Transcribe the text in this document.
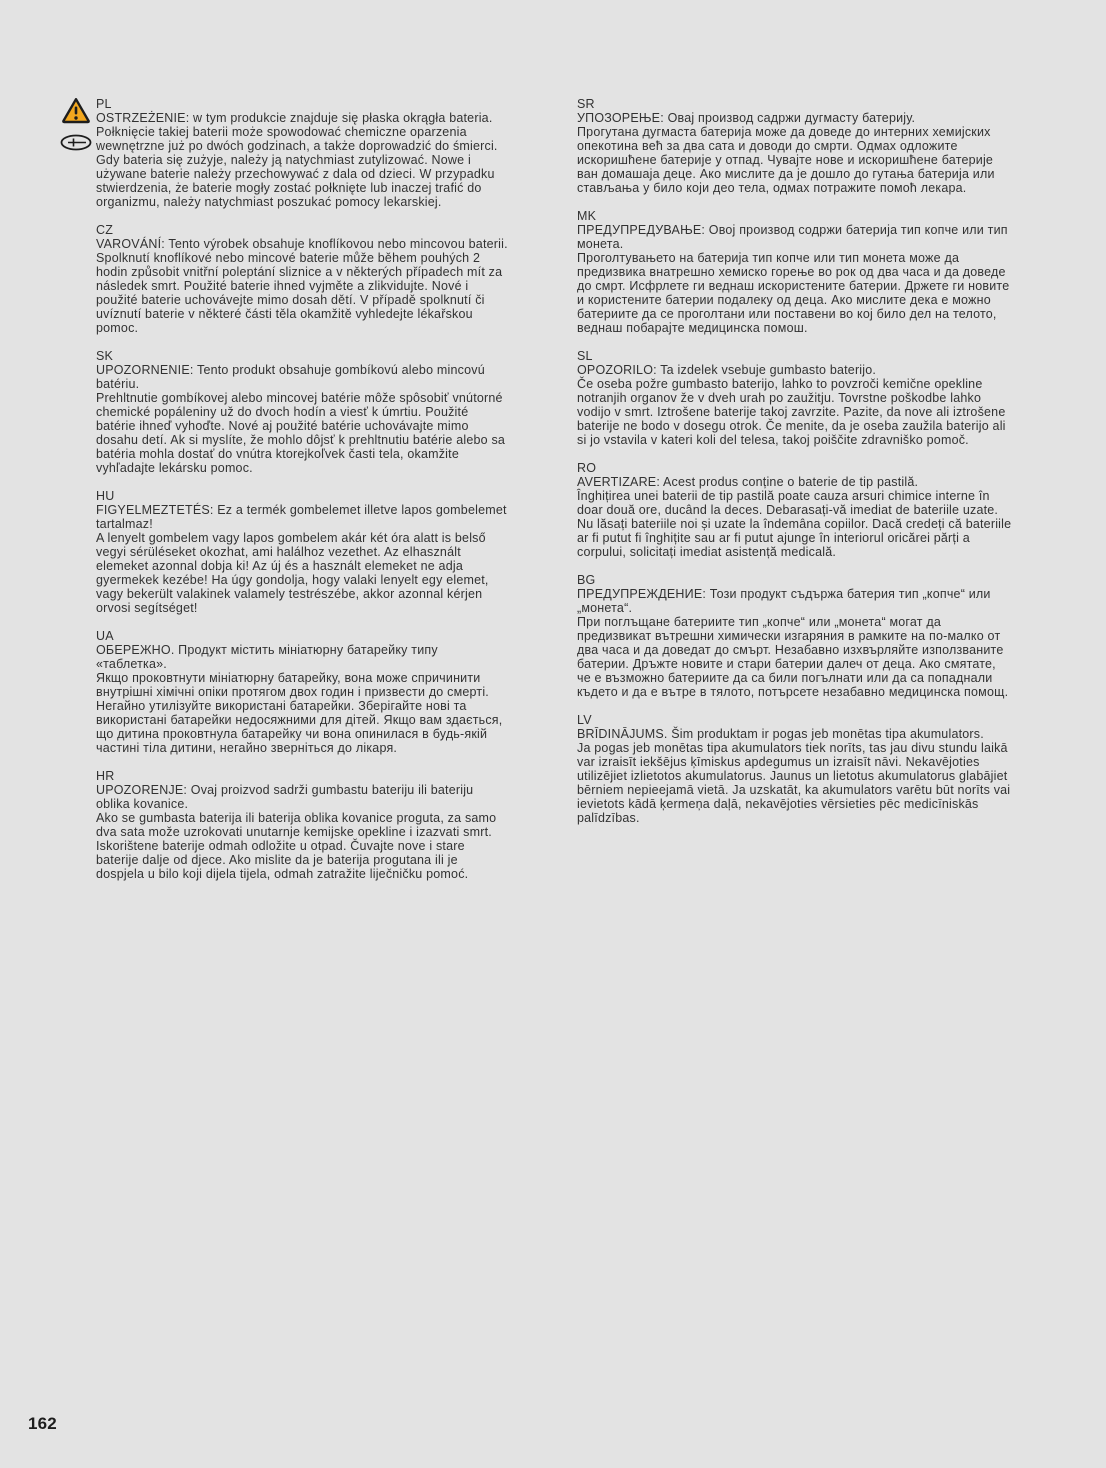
PL

OSTRZEŻENIE: w tym produkcie znajduje się płaska okrągła bateria.

Połknięcie takiej baterii może spowodować chemiczne oparzenia wewnętrzne już po dwóch godzinach, a także doprowadzić do śmierci. Gdy bateria się zużyje, należy ją natychmiast zutylizować. Nowe i używane baterie należy przechowywać z dala od dzieci. W przypadku stwierdzenia, że baterie mogły zostać połknięte lub inaczej trafić do organizmu, należy natychmiast poszukać pomocy lekarskiej.

CZ

VAROVÁNÍ: Tento výrobek obsahuje knoflíkovou nebo mincovou baterii.

Spolknutí knoflíkové nebo mincové baterie může během pouhých 2 hodin způsobit vnitřní poleptání sliznice a v některých případech mít za následek smrt. Použité baterie ihned vyjměte a zlikvidujte. Nové i použité baterie uchovávejte mimo dosah dětí. V případě spolknutí či uvíznutí baterie v některé části těla okamžitě vyhledejte lékařskou pomoc.

SK

UPOZORNENIE: Tento produkt obsahuje gombíkovú alebo mincovú batériu.

Prehltnutie gombíkovej alebo mincovej batérie môže spôsobiť vnútorné chemické popáleniny už do dvoch hodín a viesť k úmrtiu. Použité batérie ihneď vyhoďte. Nové aj použité batérie uchovávajte mimo dosahu detí. Ak si myslíte, že mohlo dôjsť k prehltnutiu batérie alebo sa batéria mohla dostať do vnútra ktorejkoľvek časti tela, okamžite vyhľadajte lekársku pomoc.

HU

FIGYELMEZTETÉS: Ez a termék gombelemet illetve lapos gombelemet tartalmaz!

A lenyelt gombelem vagy lapos gombelem akár két óra alatt is belső vegyi sérüléseket okozhat, ami halálhoz vezethet. Az elhasznált elemeket azonnal dobja ki! Az új és a használt elemeket ne adja gyermekek kezébe! Ha úgy gondolja, hogy valaki lenyelt egy elemet, vagy bekerült valakinek valamely testrészébe, akkor azonnal kérjen orvosi segítséget!

UA

ОБЕРЕЖНО. Продукт містить мініатюрну батарейку типу «таблетка».

Якщо проковтнути мініатюрну батарейку, вона може спричинити внутрішні хімічні опіки протягом двох годин і призвести до смерті. Негайно утилізуйте використані батарейки. Зберігайте нові та використані батарейки недосяжними для дітей. Якщо вам здається, що дитина проковтнула батарейку чи вона опинилася в будь-якій частині тіла дитини, негайно зверніться до лікаря.

HR

UPOZORENJE: Ovaj proizvod sadrži gumbastu bateriju ili bateriju oblika kovanice.

Ako se gumbasta baterija ili baterija oblika kovanice proguta, za samo dva sata može uzrokovati unutarnje kemijske opekline i izazvati smrt. Iskorištene baterije odmah odložite u otpad. Čuvajte nove i stare baterije dalje od djece. Ako mislite da je baterija progutana ili je dospjela u bilo koji dijela tijela, odmah zatražite liječničku pomoć.

SR

УПОЗОРЕЊЕ: Овај производ садржи дугмасту батерију.

Прогутана дугмаста батерија може да доведе до интерних хемијских опекотина већ за два сата и доводи до смрти. Одмах одложите искоришћене батерије у отпад. Чувајте нове и искоришћене батерије ван домашаја деце. Ако мислите да је дошло до гутања батерија или стављања у било који део тела, одмах потражите помоћ лекара.

MK

ПРЕДУПРЕДУВАЊЕ: Овој производ содржи батерија тип копче или тип монета.

Проголтувањето на батерија тип копче или тип монета може да предизвика внатрешно хемиско горење во рок од два часа и да доведе до смрт. Исфрлете ги веднаш искористените батерии. Држете ги новите и користените батерии подалеку од деца. Ако мислите дека е можно батериите да се проголтани или поставени во кој било дел на телото, веднаш побарајте медицинска помош.

SL

OPOZORILO: Ta izdelek vsebuje gumbasto baterijo.

Če oseba požre gumbasto baterijo, lahko to povzroči kemične opekline notranjih organov že v dveh urah po zaužitju. Tovrstne poškodbe lahko vodijo v smrt. Iztrošene baterije takoj zavrzite. Pazite, da nove ali iztrošene baterije ne bodo v dosegu otrok. Če menite, da je oseba zaužila baterijo ali si jo vstavila v kateri koli del telesa, takoj poiščite zdravniško pomoč.

RO

AVERTIZARE: Acest produs conține o baterie de tip pastilă.

Înghițirea unei baterii de tip pastilă poate cauza arsuri chimice interne în doar două ore, ducând la deces. Debarasați-vă imediat de bateriile uzate. Nu lăsați bateriile noi și uzate la îndemâna copiilor. Dacă credeți că bateriile ar fi putut fi înghițite sau ar fi putut ajunge în interiorul oricărei părți a corpului, solicitați imediat asistență medicală.

BG

ПРЕДУПРЕЖДЕНИЕ: Този продукт съдържа батерия тип „копче“ или „монета“.

При поглъщане батериите тип „копче“ или „монета“ могат да предизвикат вътрешни химически изгаряния в рамките на по-малко от два часа и да доведат до смърт. Незабавно изхвърляйте използваните батерии. Дръжте новите и стари батерии далеч от деца. Ако смятате, че е възможно батериите да са били погълнати или да са попаднали където и да е вътре в тялото, потърсете незабавно медицинска помощ.

LV

BRĪDINĀJUMS. Šim produktam ir pogas jeb monētas tipa akumulators.

Ja pogas jeb monētas tipa akumulators tiek norīts, tas jau divu stundu laikā var izraisīt iekšējus ķīmiskus apdegumus un izraisīt nāvi. Nekavējoties utilizējiet izlietotos akumulatorus. Jaunus un lietotus akumulatorus glabājiet bērniem nepieejamā vietā. Ja uzskatāt, ka akumulators varētu būt norīts vai ievietots kādā ķermeņa daļā, nekavējoties vērsieties pēc medicīniskās palīdzības.

162
